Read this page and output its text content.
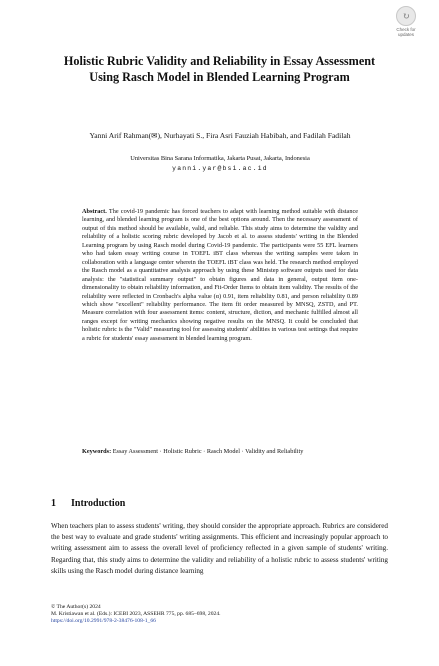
↻
Check for
updates
Holistic Rubric Validity and Reliability in Essay Assessment Using Rasch Model in Blended Learning Program
Yanni Arif Rahman(✉), Nurhayati S., Fira Asri Fauziah Habibah, and Fadilah Fadilah
Universitas Bina Sarana Informatika, Jakarta Pusat, Jakarta, Indonesia
yanni.yar@bsi.ac.id

Abstract. The covid-19 pandemic has forced teachers to adapt with learning method suitable with distance learning, and blended learning program is one of the best options around. Then the necessary assessment of output of this method should be available, valid, and reliable. This study aims to determine the validity and reliability of a holistic scoring rubric developed by Jacob et al. to assess students' writing in the Blended Learning program by using Rasch model during Covid-19 pandemic. The participants were 55 EFL learners who had taken essay writing course in TOEFL iBT class whereas the writing samples were taken in collaboration with a language center wherein the TOEFL iBT class was held. The research method employed the Rasch model as a quantitative analysis approach by using these Ministep software outputs used for data analysis: the "statistical summary output" to obtain figures and data in general, output item one-dimensionality to obtain reliability information, and Fit-Order Items to obtain item validity. The results of the reliability were reflected in Cronbach's alpha value (α) 0.91, item reliability 0.81, and person reliability 0.89 which show "excellent" reliability performance. The item fit order measured by MNSQ, ZSTD, and PT. Measure correlation with four assessment items: content, structure, diction, and mechanic fulfilled almost all ranges except for writing mechanics showing negative results on the MNSQ. It could be concluded that holistic rubric is the "Valid" measuring tool for assessing students' abilities in various test settings that require a rubric for students' essay assessment in blended learning program.

Keywords: Essay Assessment · Holistic Rubric · Rasch Model · Validity and Reliability

1 Introduction

When teachers plan to assess students' writing, they should consider the appropriate approach. Rubrics are considered the best way to evaluate and grade students' writing assignments. This efficient and increasingly popular approach to writing assessment aim to assess the overall level of proficiency reflected in a given sample of students' writing. Regarding that, this study aims to determine the validity and reliability of a holistic rubric to assess students' writing skills using the Rasch model during distance learning

© The Author(s) 2024
M. Kristiawan et al. (Eds.): ICEBI 2023, ASSEHR 775, pp. 685–698, 2024.
https://doi.org/10.2991/978-2-38476-108-1_66
